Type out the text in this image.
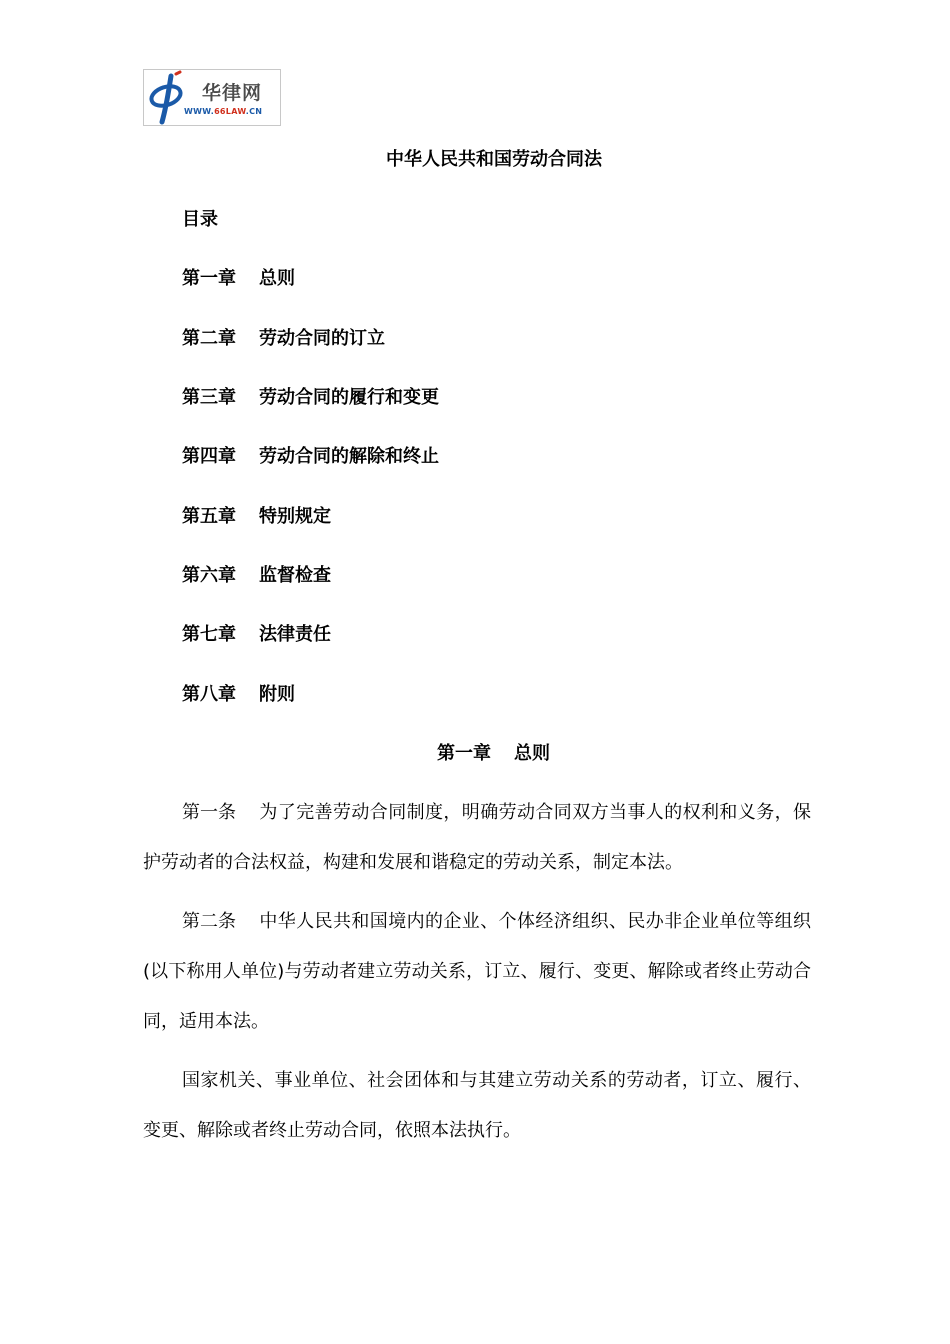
华律网
WWW.66LAW.CN
中华人民共和国劳动合同法
目录
第一章 总则
第二章 劳动合同的订立
第三章 劳动合同的履行和变更
第四章 劳动合同的解除和终止
第五章 特别规定
第六章 监督检查
第七章 法律责任
第八章 附则
第一章 总则
第一条 为了完善劳动合同制度，明确劳动合同双方当事人的权利和义务，保护劳动者的合法权益，构建和发展和谐稳定的劳动关系，制定本法。
第二条 中华人民共和国境内的企业、个体经济组织、民办非企业单位等组织(以下称用人单位)与劳动者建立劳动关系，订立、履行、变更、解除或者终止劳动合同，适用本法。
国家机关、事业单位、社会团体和与其建立劳动关系的劳动者，订立、履行、变更、解除或者终止劳动合同，依照本法执行。
